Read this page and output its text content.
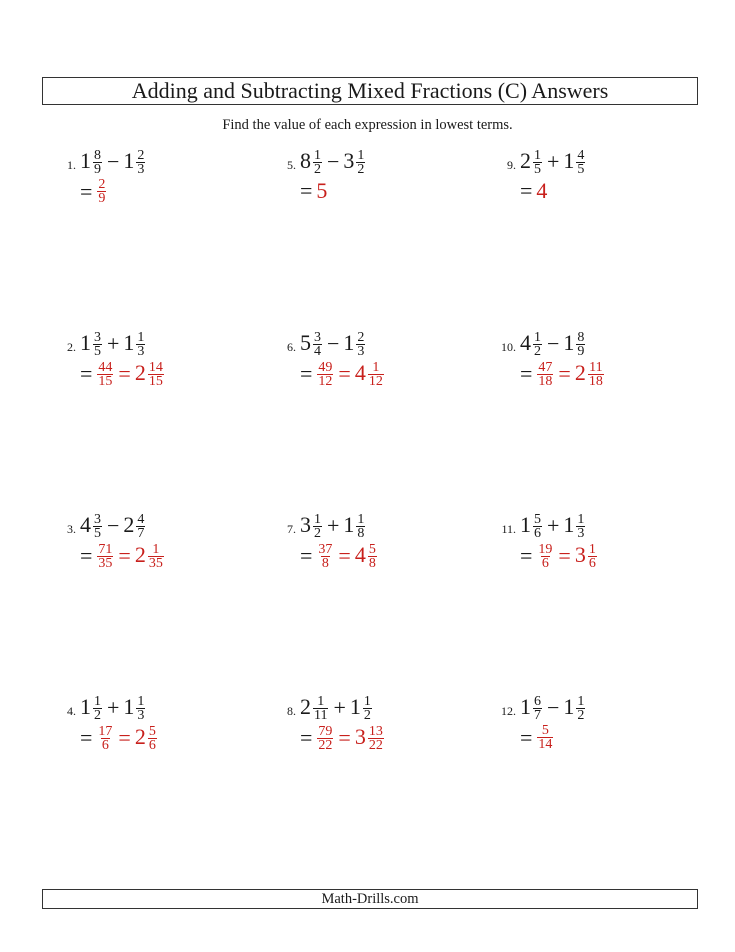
Adding and Subtracting Mixed Fractions (C) Answers
Find the value of each expression in lowest terms.
1. $1 \frac{8}{9} - 1 \frac{2}{3}$
= $\frac{2}{9}$
2. $1 \frac{3}{5} + 1 \frac{1}{3}$
= $\frac{44}{15} = 2 \frac{14}{15}$
3. $4 \frac{3}{5} - 2 \frac{4}{7}$
= $\frac{71}{35} = 2 \frac{1}{35}$
4. $1 \frac{1}{2} + 1 \frac{1}{3}$
= $\frac{17}{6} = 2 \frac{5}{6}$
5. $8 \frac{1}{2} - 3 \frac{1}{2}$
= 5
6. $5 \frac{3}{4} - 1 \frac{2}{3}$
= $\frac{49}{12} = 4 \frac{1}{12}$
7. $3 \frac{1}{2} + 1 \frac{1}{8}$
= $\frac{37}{8} = 4 \frac{5}{8}$
8. $2 \frac{1}{11} + 1 \frac{1}{2}$
= $\frac{79}{22} = 3 \frac{13}{22}$
9. $2 \frac{1}{5} + 1 \frac{4}{5}$
= 4
10. $4 \frac{1}{2} - 1 \frac{8}{9}$
= $\frac{47}{18} = 2 \frac{11}{18}$
11. $1 \frac{5}{6} + 1 \frac{1}{3}$
= $\frac{19}{6} = 3 \frac{1}{6}$
12. $1 \frac{6}{7} - 1 \frac{1}{2}$
= $\frac{5}{14}$
Math-Drills.com
